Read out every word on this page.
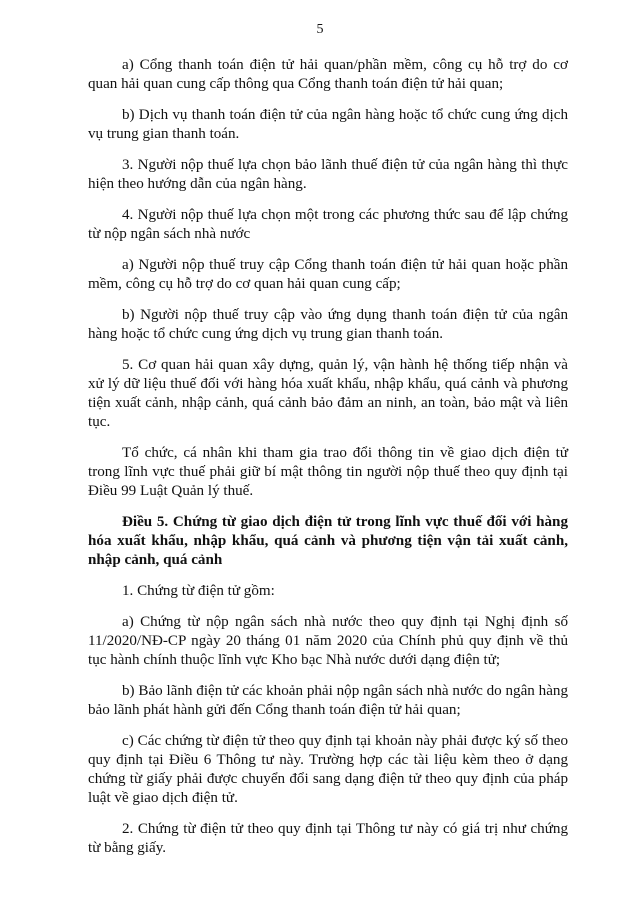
5

a) Cổng thanh toán điện tử hải quan/phần mềm, công cụ hỗ trợ do cơ quan hải quan cung cấp thông qua Cổng thanh toán điện tử hải quan;

b) Dịch vụ thanh toán điện tử của ngân hàng hoặc tổ chức cung ứng dịch vụ trung gian thanh toán.

3. Người nộp thuế lựa chọn bảo lãnh thuế điện tử của ngân hàng thì thực hiện theo hướng dẫn của ngân hàng.

4. Người nộp thuế lựa chọn một trong các phương thức sau để lập chứng từ nộp ngân sách nhà nước

a) Người nộp thuế truy cập Cổng thanh toán điện tử hải quan hoặc phần mềm, công cụ hỗ trợ do cơ quan hải quan cung cấp;

b) Người nộp thuế truy cập vào ứng dụng thanh toán điện tử của ngân hàng hoặc tổ chức cung ứng dịch vụ trung gian thanh toán.

5. Cơ quan hải quan xây dựng, quản lý, vận hành hệ thống tiếp nhận và xử lý dữ liệu thuế đối với hàng hóa xuất khẩu, nhập khẩu, quá cảnh và phương tiện xuất cảnh, nhập cảnh, quá cảnh bảo đảm an ninh, an toàn, bảo mật và liên tục.

Tổ chức, cá nhân khi tham gia trao đổi thông tin về giao dịch điện tử trong lĩnh vực thuế phải giữ bí mật thông tin người nộp thuế theo quy định tại Điều 99 Luật Quản lý thuế.

Điều 5. Chứng từ giao dịch điện tử trong lĩnh vực thuế đối với hàng hóa xuất khẩu, nhập khẩu, quá cảnh và phương tiện vận tải xuất cảnh, nhập cảnh, quá cảnh

1. Chứng từ điện tử gồm:

a) Chứng từ nộp ngân sách nhà nước theo quy định tại Nghị định số 11/2020/NĐ-CP ngày 20 tháng 01 năm 2020 của Chính phủ quy định về thủ tục hành chính thuộc lĩnh vực Kho bạc Nhà nước dưới dạng điện tử;

b) Bảo lãnh điện tử các khoản phải nộp ngân sách nhà nước do ngân hàng bảo lãnh phát hành gửi đến Cổng thanh toán điện tử hải quan;

c) Các chứng từ điện tử theo quy định tại khoản này phải được ký số theo quy định tại Điều 6 Thông tư này. Trường hợp các tài liệu kèm theo ở dạng chứng từ giấy phải được chuyển đổi sang dạng điện tử theo quy định của pháp luật về giao dịch điện tử.

2. Chứng từ điện tử theo quy định tại Thông tư này có giá trị như chứng từ bằng giấy.
